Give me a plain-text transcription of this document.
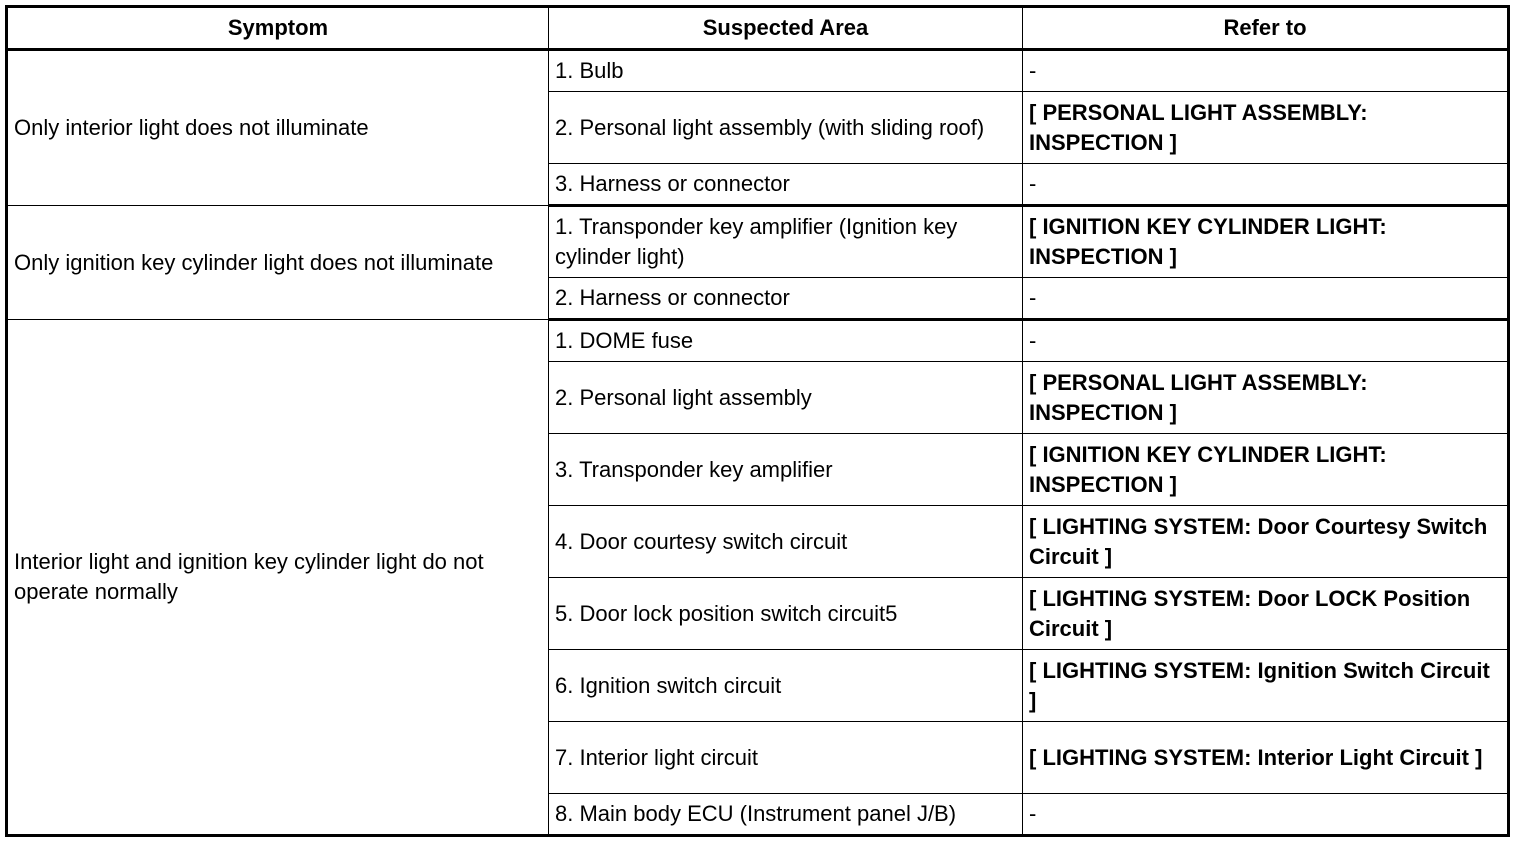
Symptom	Suspected Area	Refer to
Only interior light does not illuminate	1. Bulb	-
	2. Personal light assembly (with sliding roof)	[ PERSONAL LIGHT ASSEMBLY: INSPECTION ]
	3. Harness or connector	-
Only ignition key cylinder light does not illuminate	1. Transponder key amplifier (Ignition key cylinder light)	[ IGNITION KEY CYLINDER LIGHT: INSPECTION ]
	2. Harness or connector	-
Interior light and ignition key cylinder light do not operate normally	1. DOME fuse	-
	2. Personal light assembly	[ PERSONAL LIGHT ASSEMBLY: INSPECTION ]
	3. Transponder key amplifier	[ IGNITION KEY CYLINDER LIGHT: INSPECTION ]
	4. Door courtesy switch circuit	[ LIGHTING SYSTEM: Door Courtesy Switch Circuit ]
	5. Door lock position switch circuit5	[ LIGHTING SYSTEM: Door LOCK Position Circuit ]
	6. Ignition switch circuit	[ LIGHTING SYSTEM: Ignition Switch Circuit ]
	7. Interior light circuit	[ LIGHTING SYSTEM: Interior Light Circuit ]
	8. Main body ECU (Instrument panel J/B)	-
